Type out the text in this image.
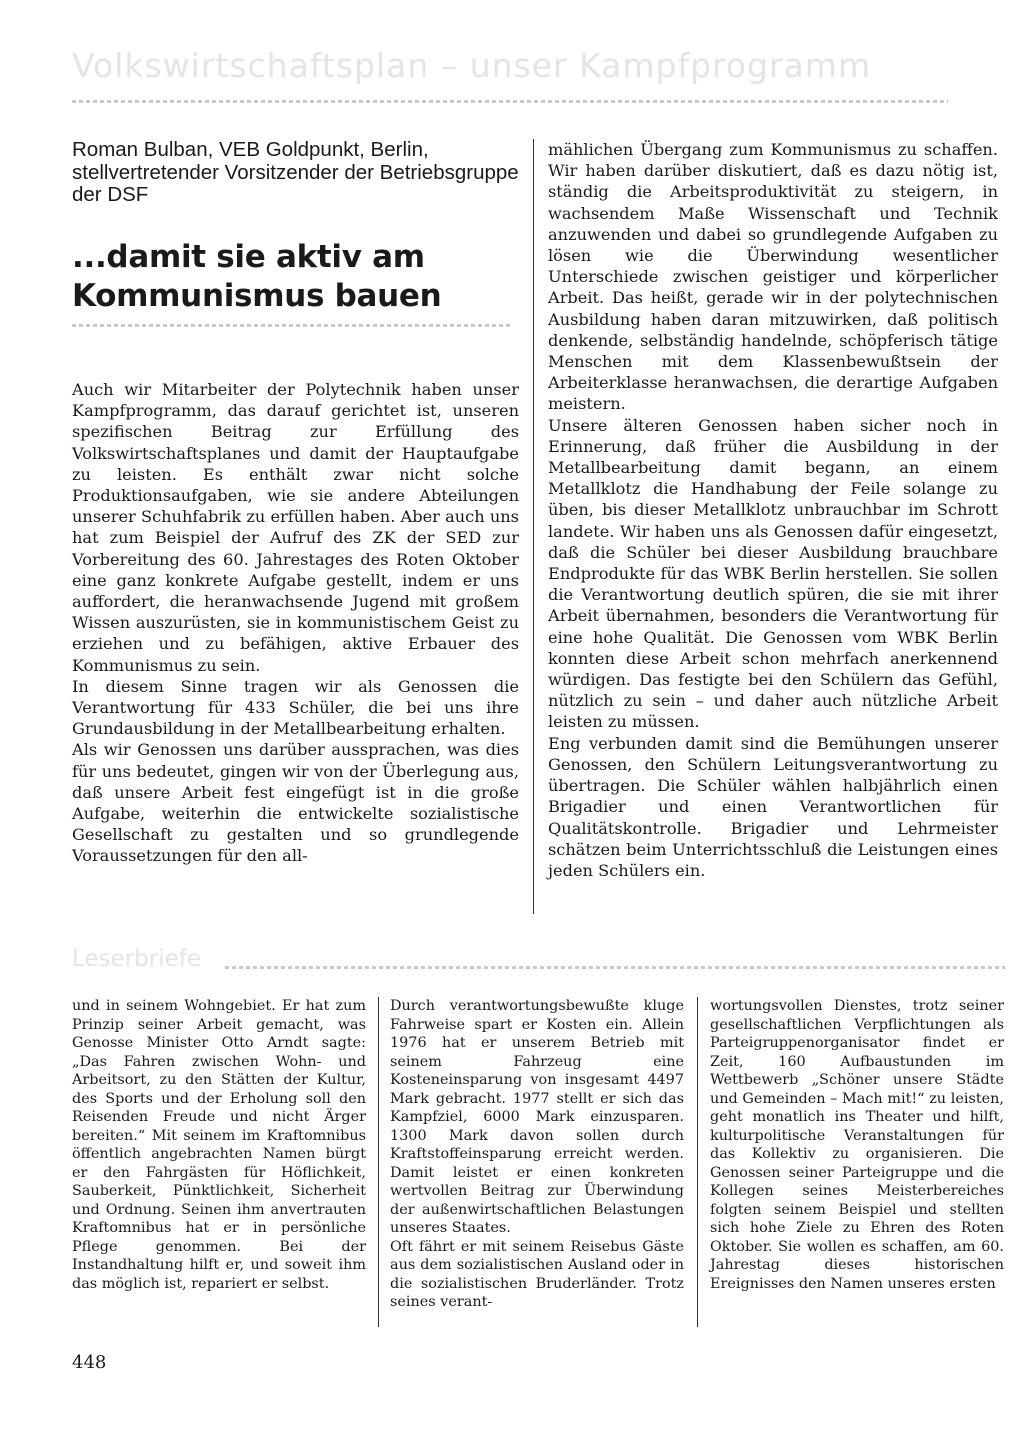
Volkswirtschaftsplan – unser Kampfprogramm
Roman Bulban, VEB Goldpunkt, Berlin, stellvertretender Vorsitzender der Betriebsgruppe der DSF
...damit sie aktiv am Kommunismus bauen

Auch wir Mitarbeiter der Polytechnik haben unser Kampfprogramm, das darauf gerichtet ist, unseren spezifischen Beitrag zur Erfüllung des Volkswirtschaftsplanes und damit der Hauptaufgabe zu leisten. Es enthält zwar nicht solche Produktionsaufgaben, wie sie andere Abteilungen unserer Schuhfabrik zu erfüllen haben. Aber auch uns hat zum Beispiel der Aufruf des ZK der SED zur Vorbereitung des 60. Jahrestages des Roten Oktober eine ganz konkrete Aufgabe gestellt, indem er uns auffordert, die heranwachsende Jugend mit großem Wissen auszurüsten, sie in kommunistischem Geist zu erziehen und zu befähigen, aktive Erbauer des Kommunismus zu sein.

In diesem Sinne tragen wir als Genossen die Verantwortung für 433 Schüler, die bei uns ihre Grundausbildung in der Metallbearbeitung erhalten.

Als wir Genossen uns darüber aussprachen, was dies für uns bedeutet, gingen wir von der Überlegung aus, daß unsere Arbeit fest eingefügt ist in die große Aufgabe, weiterhin die entwickelte sozialistische Gesellschaft zu gestalten und so grundlegende Voraussetzungen für den all-

mählichen Übergang zum Kommunismus zu schaffen. Wir haben darüber diskutiert, daß es dazu nötig ist, ständig die Arbeitsproduktivität zu steigern, in wachsendem Maße Wissenschaft und Technik anzuwenden und dabei so grundlegende Aufgaben zu lösen wie die Überwindung wesentlicher Unterschiede zwischen geistiger und körperlicher Arbeit. Das heißt, gerade wir in der polytechnischen Ausbildung haben daran mitzuwirken, daß politisch denkende, selbständig handelnde, schöpferisch tätige Menschen mit dem Klassenbewußtsein der Arbeiterklasse heranwachsen, die derartige Aufgaben meistern.

Unsere älteren Genossen haben sicher noch in Erinnerung, daß früher die Ausbildung in der Metallbearbeitung damit begann, an einem Metallklotz die Handhabung der Feile solange zu üben, bis dieser Metallklotz unbrauchbar im Schrott landete. Wir haben uns als Genossen dafür eingesetzt, daß die Schüler bei dieser Ausbildung brauchbare Endprodukte für das WBK Berlin herstellen. Sie sollen die Verantwortung deutlich spüren, die sie mit ihrer Arbeit übernahmen, besonders die Verantwortung für eine hohe Qualität. Die Genossen vom WBK Berlin konnten diese Arbeit schon mehrfach anerkennend würdigen. Das festigte bei den Schülern das Gefühl, nützlich zu sein – und daher auch nützliche Arbeit leisten zu müssen.

Eng verbunden damit sind die Bemühungen unserer Genossen, den Schülern Leitungsverantwortung zu übertragen. Die Schüler wählen halbjährlich einen Brigadier und einen Verantwortlichen für Qualitätskontrolle. Brigadier und Lehrmeister schätzen beim Unterrichtsschluß die Leistungen eines jeden Schülers ein.

Leserbriefe

und in seinem Wohngebiet. Er hat zum Prinzip seiner Arbeit gemacht, was Genosse Minister Otto Arndt sagte: „Das Fahren zwischen Wohn- und Arbeitsort, zu den Stätten der Kultur, des Sports und der Erholung soll den Reisenden Freude und nicht Ärger bereiten.“ Mit seinem im Kraftomnibus öffentlich angebrachten Namen bürgt er den Fahrgästen für Höflichkeit, Sauberkeit, Pünktlichkeit, Sicherheit und Ordnung. Seinen ihm anvertrauten Kraftomnibus hat er in persönliche Pflege genommen. Bei der Instandhaltung hilft er, und soweit ihm das möglich ist, repariert er selbst.

Durch verantwortungsbewußte kluge Fahrweise spart er Kosten ein. Allein 1976 hat er unserem Betrieb mit seinem Fahrzeug eine Kosteneinsparung von insgesamt 4497 Mark gebracht. 1977 stellt er sich das Kampfziel, 6000 Mark einzusparen. 1300 Mark davon sollen durch Kraftstoffeinsparung erreicht werden. Damit leistet er einen konkreten wertvollen Beitrag zur Überwindung der außenwirtschaftlichen Belastungen unseres Staates.

Oft fährt er mit seinem Reisebus Gäste aus dem sozialistischen Ausland oder in die sozialistischen Bruderländer. Trotz seines verant-

wortungsvollen Dienstes, trotz seiner gesellschaftlichen Verpflichtungen als Parteigruppenorganisator findet er Zeit, 160 Aufbaustunden im Wettbewerb „Schöner unsere Städte und Gemeinden – Mach mit!“ zu leisten, geht monatlich ins Theater und hilft, kulturpolitische Veranstaltungen für das Kollektiv zu organisieren. Die Genossen seiner Parteigruppe und die Kollegen seines Meisterbereiches folgten seinem Beispiel und stellten sich hohe Ziele zu Ehren des Roten Oktober. Sie wollen es schaffen, am 60. Jahrestag dieses historischen Ereignisses den Namen unseres ersten

448
